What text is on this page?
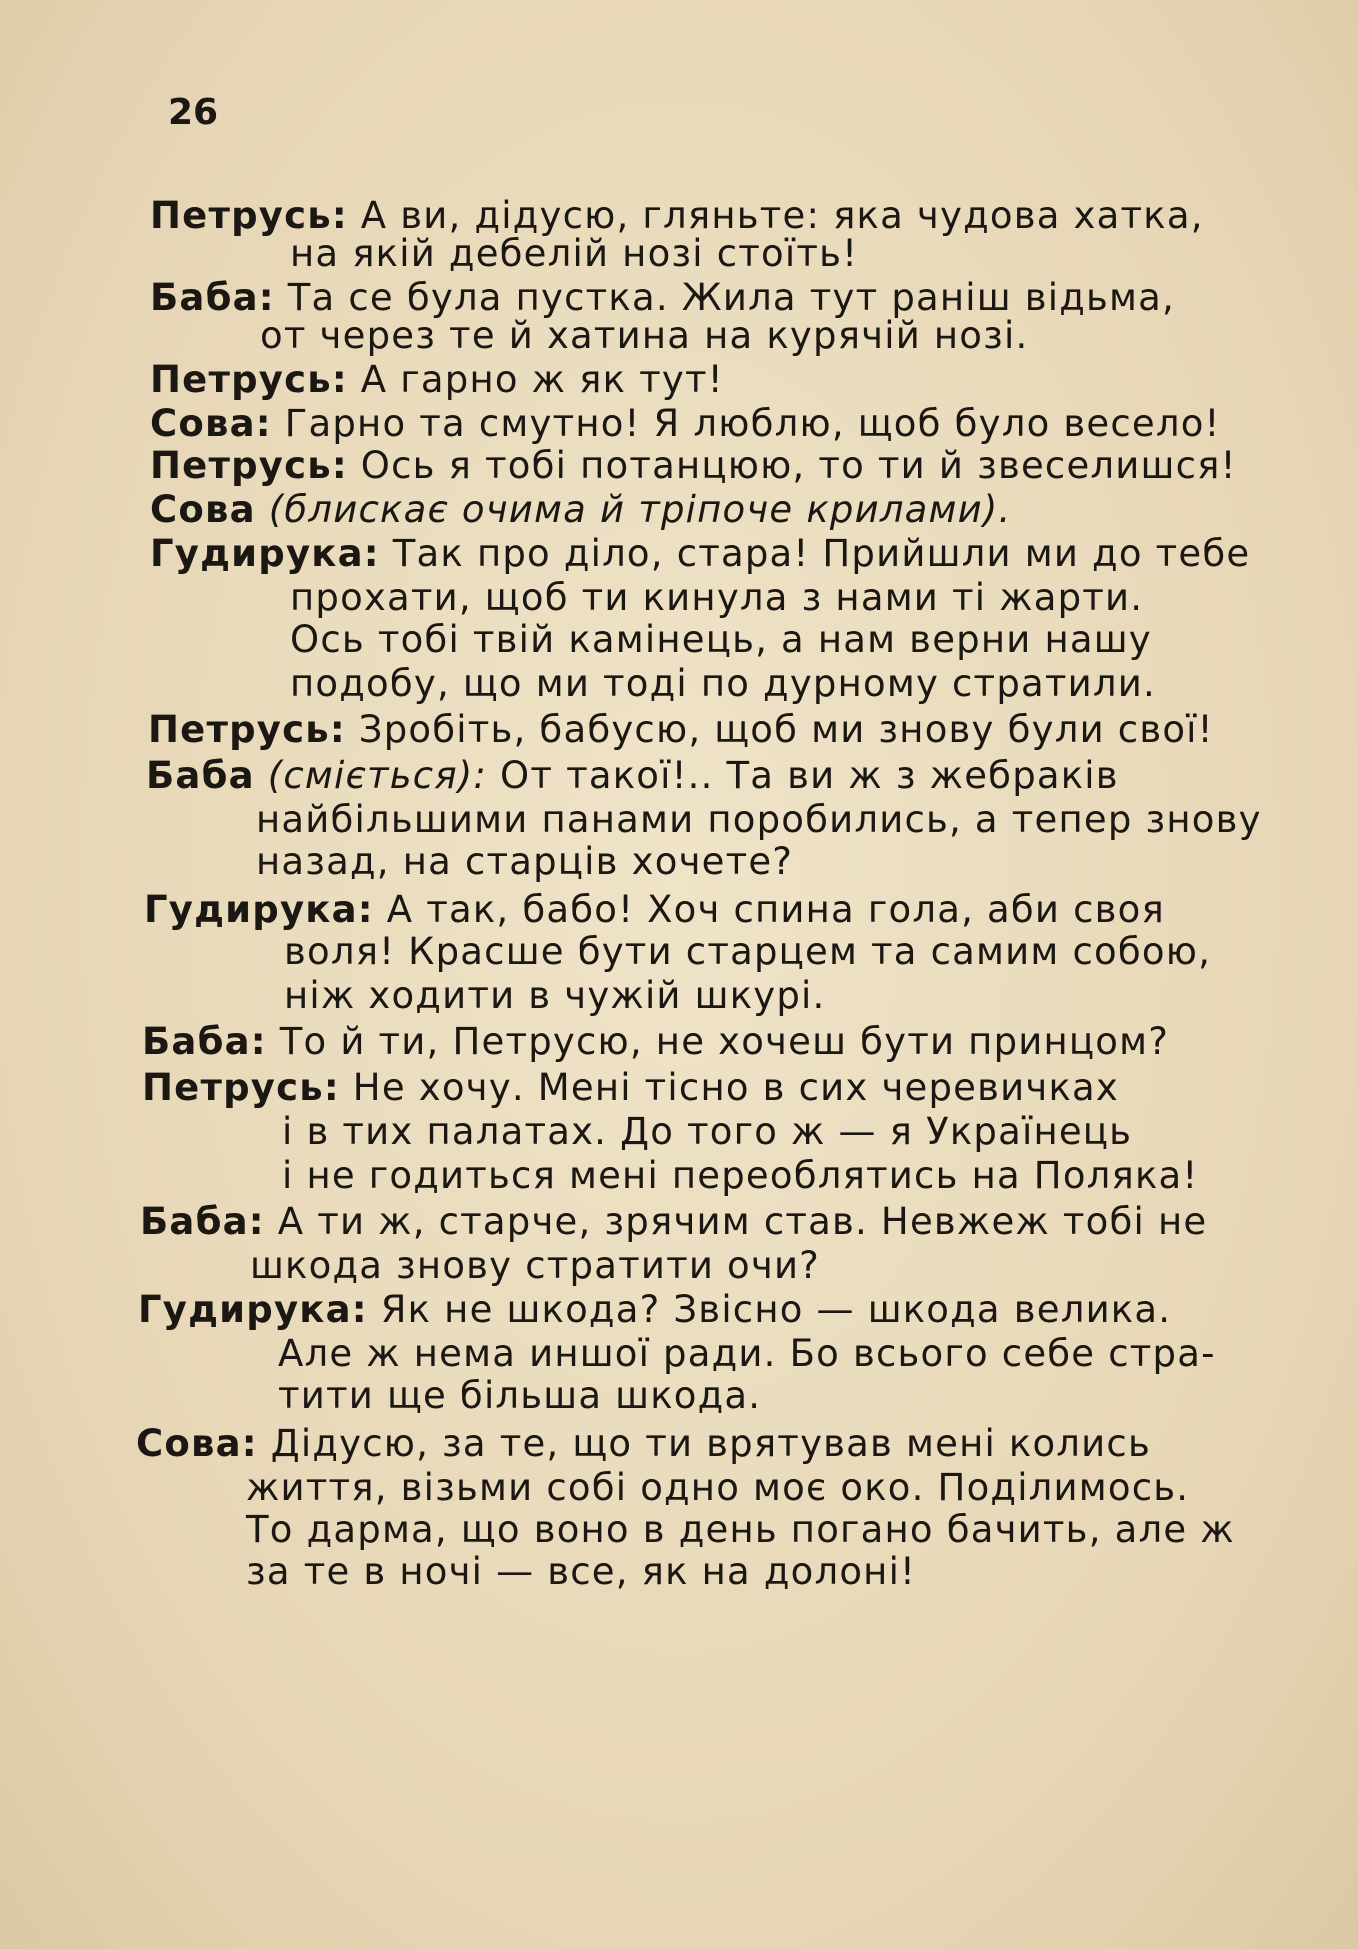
26
Петрусь: А ви, дідусю, гляньте: яка чудова хатка,
на якій дебелій нозі стоїть!
Баба: Та се була пустка. Жила тут раніш відьма,
от через те й хатина на курячій нозі.
Петрусь: А гарно ж як тут!
Сова: Гарно та смутно! Я люблю, щоб було весело!
Петрусь: Ось я тобі потанцюю, то ти й звеселишся!
Сова (блискає очима й тріпоче крилами).
Гудирука: Так про діло, стара! Прийшли ми до тебе
прохати, щоб ти кинула з нами ті жарти.
Ось тобі твій камінець, а нам верни нашу
подобу, що ми тоді по дурному стратили.
Петрусь: Зробіть, бабусю, щоб ми знову були свої!
Баба (сміється): От такої!.. Та ви ж з жебраків
найбільшими панами поробились, а тепер знову
назад, на старців хочете?
Гудирука: А так, бабо! Хоч спина гола, аби своя
воля! Красше бути старцем та самим собою,
ніж ходити в чужій шкурі.
Баба: То й ти, Петрусю, не хочеш бути принцом?
Петрусь: Не хочу. Мені тісно в сих черевичках
і в тих палатах. До того ж — я Українець
і не годиться мені переоблятись на Поляка!
Баба: А ти ж, старче, зрячим став. Невжеж тобі не
шкода знову стратити очи?
Гудирука: Як не шкода? Звісно — шкода велика.
Але ж нема иншої ради. Бо всього себе стра-
тити ще більша шкода.
Сова: Дідусю, за те, що ти врятував мені колись
життя, візьми собі одно моє око. Поділимось.
То дарма, що воно в день погано бачить, але ж
за те в ночі — все, як на долоні!
